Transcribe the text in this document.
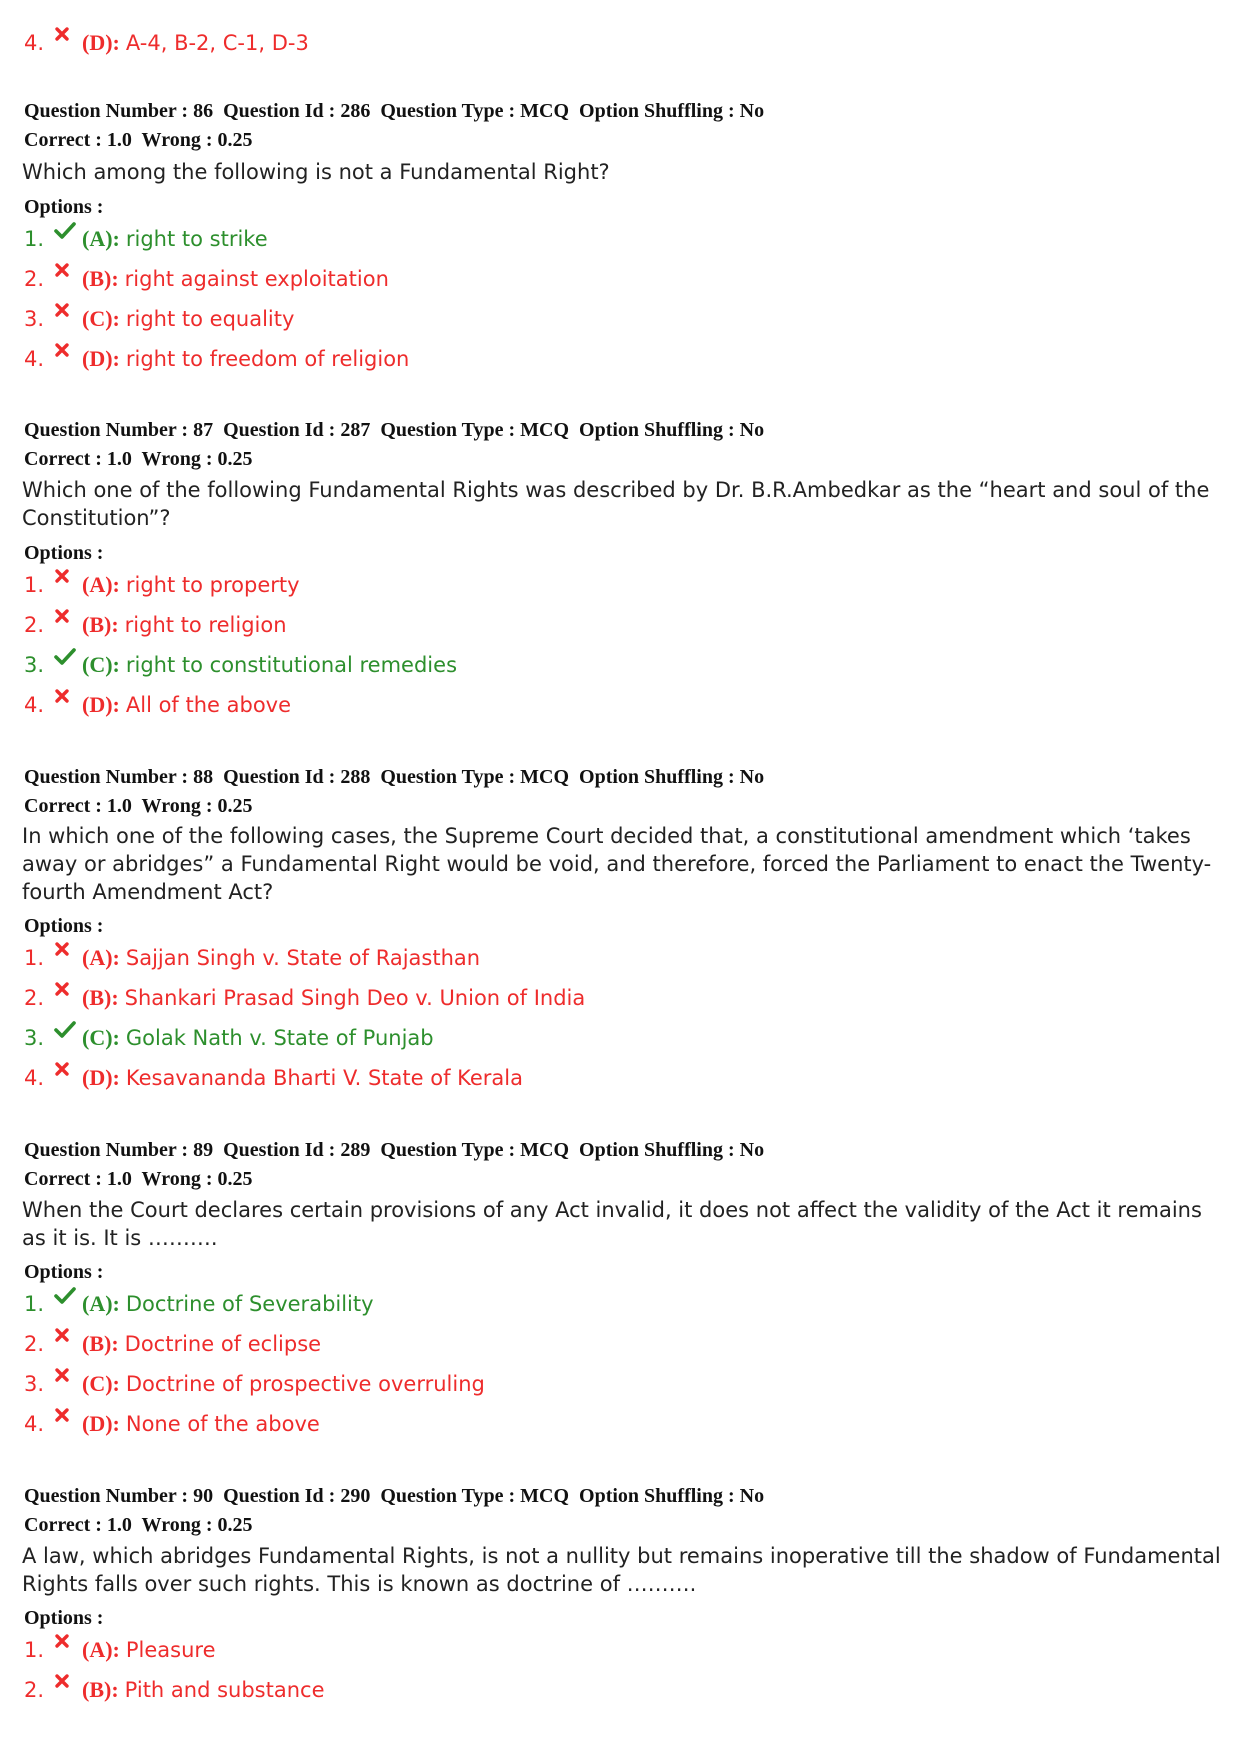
4. (D): A-4, B-2, C-1, D-3
Question Number : 86  Question Id : 286  Question Type : MCQ  Option Shuffling : No
Correct : 1.0  Wrong : 0.25
Which among the following is not a Fundamental Right?
Options :
1. (A): right to strike
2. (B): right against exploitation
3. (C): right to equality
4. (D): right to freedom of religion
Question Number : 87  Question Id : 287  Question Type : MCQ  Option Shuffling : No
Correct : 1.0  Wrong : 0.25
Which one of the following Fundamental Rights was described by Dr. B.R.Ambedkar as the “heart and soul of the Constitution”?
Options :
1. (A): right to property
2. (B): right to religion
3. (C): right to constitutional remedies
4. (D): All of the above
Question Number : 88  Question Id : 288  Question Type : MCQ  Option Shuffling : No
Correct : 1.0  Wrong : 0.25
In which one of the following cases, the Supreme Court decided that, a constitutional amendment which ‘takes away or abridges” a Fundamental Right would be void, and therefore, forced the Parliament to enact the Twenty-fourth Amendment Act?
Options :
1. (A): Sajjan Singh v. State of Rajasthan
2. (B): Shankari Prasad Singh Deo v. Union of India
3. (C): Golak Nath v. State of Punjab
4. (D): Kesavananda Bharti V. State of Kerala
Question Number : 89  Question Id : 289  Question Type : MCQ  Option Shuffling : No
Correct : 1.0  Wrong : 0.25
When the Court declares certain provisions of any Act invalid, it does not affect the validity of the Act it remains as it is. It is ……….
Options :
1. (A): Doctrine of Severability
2. (B): Doctrine of eclipse
3. (C): Doctrine of prospective overruling
4. (D): None of the above
Question Number : 90  Question Id : 290  Question Type : MCQ  Option Shuffling : No
Correct : 1.0  Wrong : 0.25
A law, which abridges Fundamental Rights, is not a nullity but remains inoperative till the shadow of Fundamental Rights falls over such rights. This is known as doctrine of ……….
Options :
1. (A): Pleasure
2. (B): Pith and substance
